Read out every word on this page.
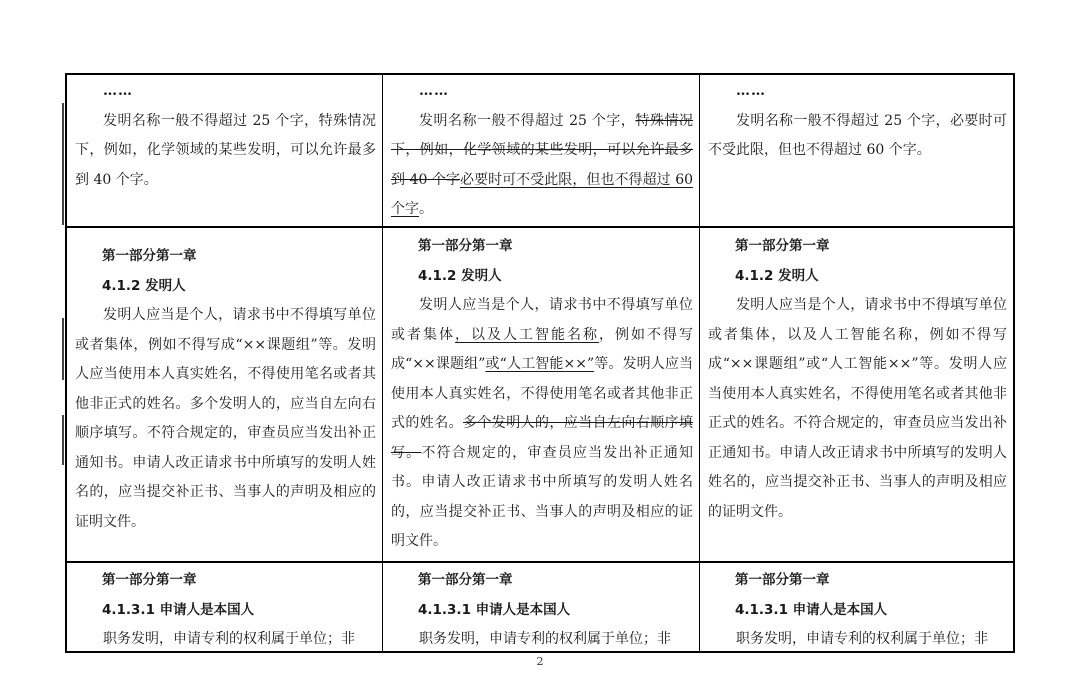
……

发明名称一般不得超过 25 个字，特殊情况下，例如，化学领域的某些发明，可以允许最多到 40 个字。

……

发明名称一般不得超过 25 个字，特殊情况下，例如，化学领域的某些发明，可以允许最多到 40 个字必要时可不受此限，但也不得超过 60 个字。

……

发明名称一般不得超过 25 个字，必要时可不受此限，但也不得超过 60 个字。

第一部分第一章
4.1.2 发明人

发明人应当是个人，请求书中不得填写单位或者集体，例如不得写成“××课题组”等。发明人应当使用本人真实姓名，不得使用笔名或者其他非正式的姓名。多个发明人的，应当自左向右顺序填写。不符合规定的，审查员应当发出补正通知书。申请人改正请求书中所填写的发明人姓名的，应当提交补正书、当事人的声明及相应的证明文件。

第一部分第一章
4.1.2 发明人

发明人应当是个人，请求书中不得填写单位或者集体，以及人工智能名称，例如不得写成“××课题组”或“人工智能××”等。发明人应当使用本人真实姓名，不得使用笔名或者其他非正式的姓名。多个发明人的，应当自左向右顺序填写。不符合规定的，审查员应当发出补正通知书。申请人改正请求书中所填写的发明人姓名的，应当提交补正书、当事人的声明及相应的证明文件。

第一部分第一章
4.1.2 发明人

发明人应当是个人，请求书中不得填写单位或者集体，以及人工智能名称，例如不得写成“××课题组”或“人工智能××”等。发明人应当使用本人真实姓名，不得使用笔名或者其他非正式的姓名。不符合规定的，审查员应当发出补正通知书。申请人改正请求书中所填写的发明人姓名的，应当提交补正书、当事人的声明及相应的证明文件。

第一部分第一章
4.1.3.1 申请人是本国人

职务发明，申请专利的权利属于单位；非

第一部分第一章
4.1.3.1 申请人是本国人

职务发明，申请专利的权利属于单位；非

第一部分第一章
4.1.3.1 申请人是本国人

职务发明，申请专利的权利属于单位；非

2
